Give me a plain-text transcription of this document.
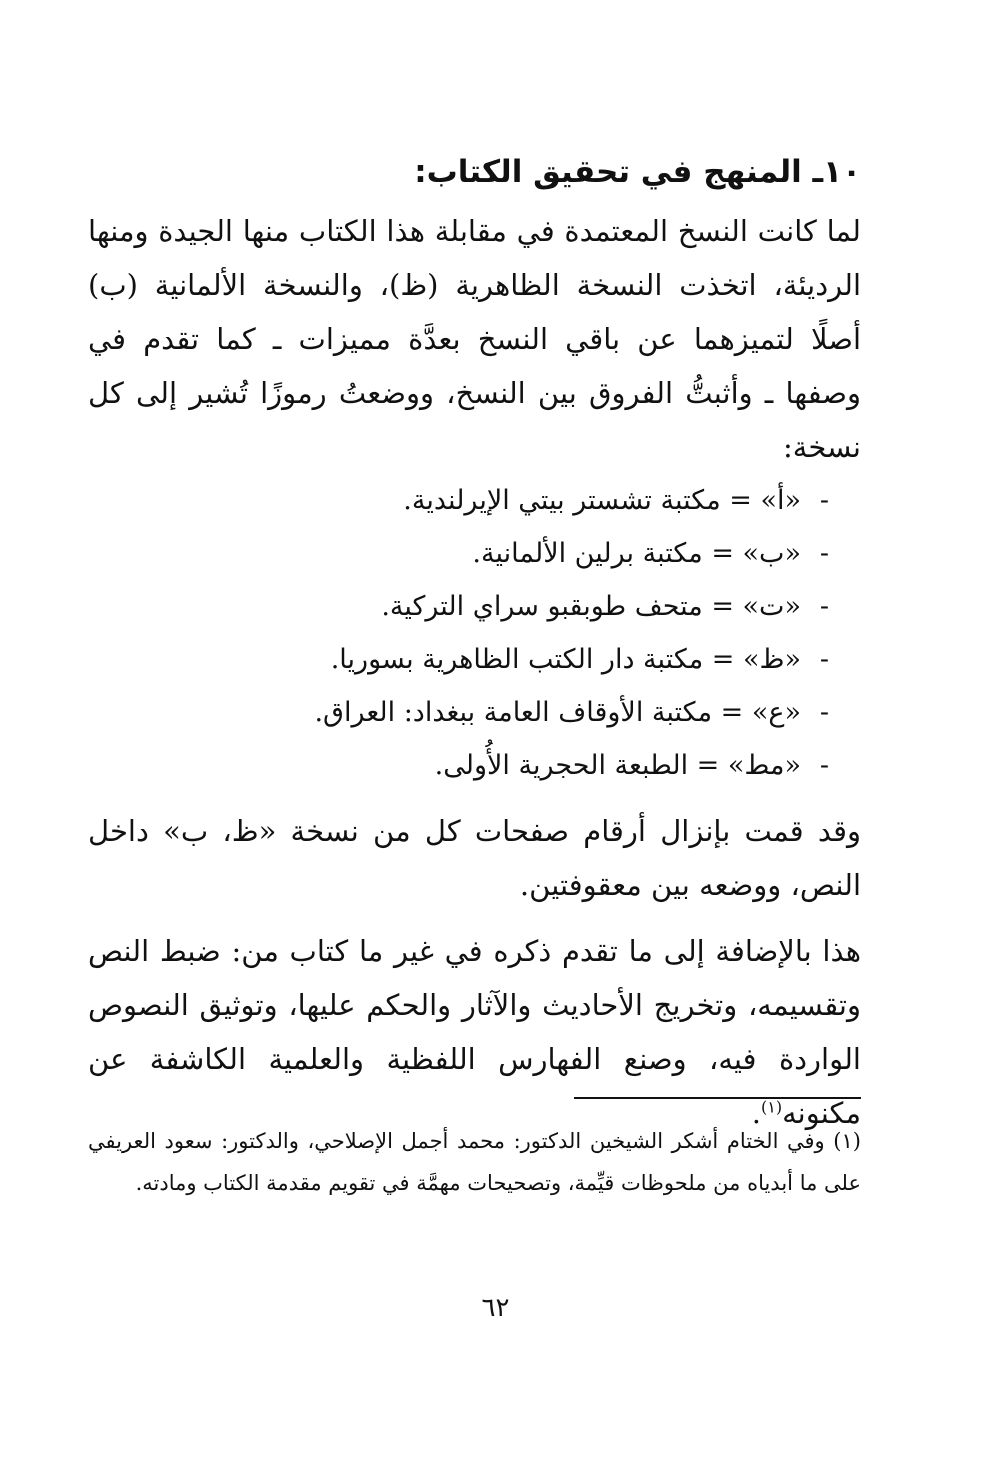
١٠ـ المنهج في تحقيق الكتاب:

لما كانت النسخ المعتمدة في مقابلة هذا الكتاب منها الجيدة ومنها الرديئة، اتخذت النسخة الظاهرية (ظ)، والنسخة الألمانية (ب) أصلًا لتميزهما عن باقي النسخ بعدَّة مميزات ـ كما تقدم في وصفها ـ وأثبتُّ الفروق بين النسخ، ووضعتُ رموزًا تُشير إلى كل نسخة:

-
«أ» = مكتبة تشستر بيتي الإيرلندية.
-
«ب» = مكتبة برلين الألمانية.
-
«ت» = متحف طوبقبو سراي التركية.
-
«ظ» = مكتبة دار الكتب الظاهرية بسوريا.
-
«ع» = مكتبة الأوقاف العامة ببغداد: العراق.
-
«مط» = الطبعة الحجرية الأُولى.

وقد قمت بإنزال أرقام صفحات كل من نسخة «ظ، ب» داخل النص، ووضعه بين معقوفتين.

هذا بالإضافة إلى ما تقدم ذكره في غير ما كتاب من: ضبط النص وتقسيمه، وتخريج الأحاديث والآثار والحكم عليها، وتوثيق النصوص الواردة فيه، وصنع الفهارس اللفظية والعلمية الكاشفة عن مكنونه$^{(١)}$.

(١) وفي الختام أشكر الشيخين الدكتور: محمد أجمل الإصلاحي، والدكتور: سعود العريفي على ما أبدياه من ملحوظات قيِّمة، وتصحيحات مهمَّة في تقويم مقدمة الكتاب ومادته.

٦٢
